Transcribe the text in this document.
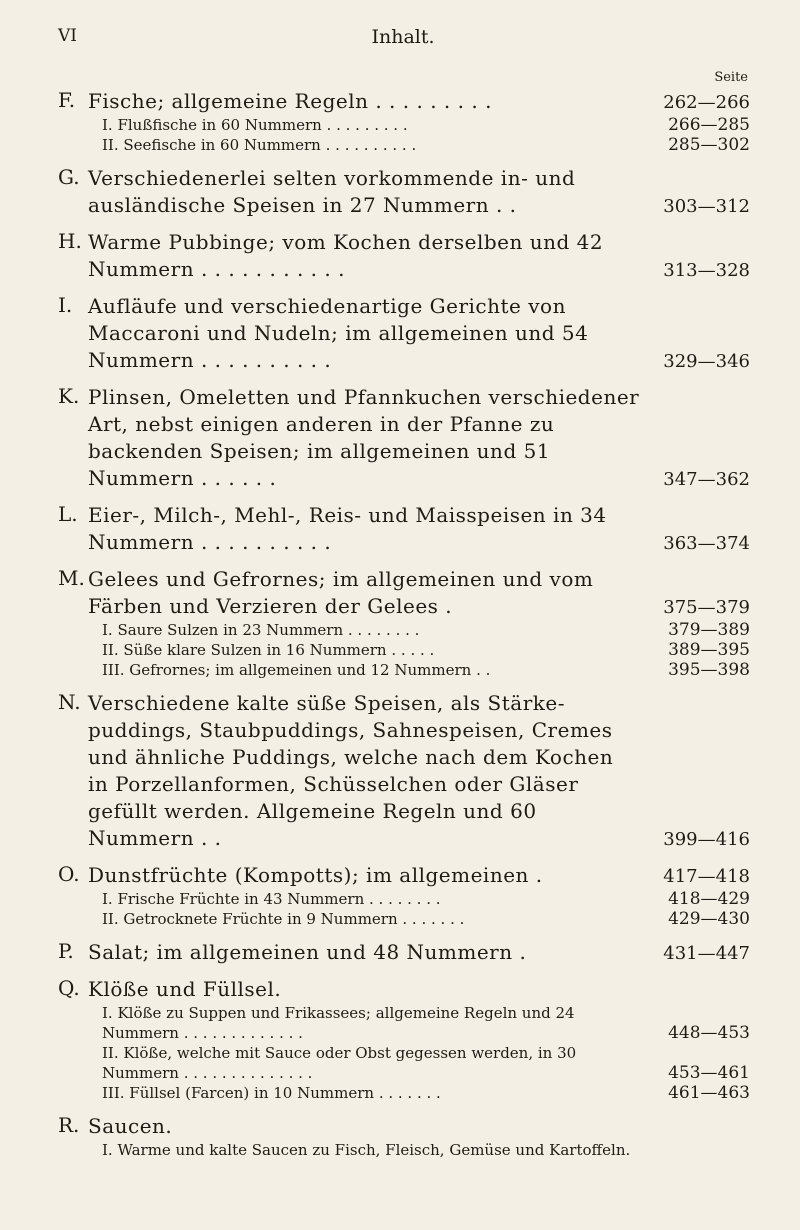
VI	Inhalt.
Seite
F. Fische; allgemeine Regeln . . . . . . . . .	262—266
I. Flußfische in 60 Nummern . . . . . . . . .	266—285
II. Seefische in 60 Nummern . . . . . . . . . .	285—302
G. Verschiedenerlei selten vorkommende in- und ausländische Speisen in 27 Nummern . .	303—312
H. Warme Pubbinge; vom Kochen derselben und 42 Nummern . . . . . . . . . . .	313—328
I. Aufläufe und verschiedenartige Gerichte von Maccaroni und Nudeln; im allgemeinen und 54 Nummern . . . . . . . . . .	329—346
K. Plinsen, Omeletten und Pfannkuchen verschiedener Art, nebst einigen anderen in der Pfanne zu backenden Speisen; im allgemeinen und 51 Nummern . . . . . .	347—362
L. Eier-, Milch-, Mehl-, Reis- und Maisspeisen in 34 Nummern . . . . . . . . . .	363—374
M. Gelees und Gefrornes; im allgemeinen und vom Färben und Verzieren der Gelees .	375—379
I. Saure Sulzen in 23 Nummern . . . . . . . .	379—389
II. Süße klare Sulzen in 16 Nummern . . . . .	389—395
III. Gefrornes; im allgemeinen und 12 Nummern . .	395—398
N. Verschiedene kalte süße Speisen, als Stärke-puddings, Staubpuddings, Sahnespeisen, Cremes und ähnliche Puddings, welche nach dem Kochen in Porzellanformen, Schüsselchen oder Gläser gefüllt werden. Allgemeine Regeln und 60 Nummern . .	399—416
O. Dunstfrüchte (Kompotts); im allgemeinen .	417—418
I. Frische Früchte in 43 Nummern . . . . . . . .	418—429
II. Getrocknete Früchte in 9 Nummern . . . . . . .	429—430
P. Salat; im allgemeinen und 48 Nummern .	431—447
Q. Klöße und Füllsel.
I. Klöße zu Suppen und Frikassees; allgemeine Regeln und 24 Nummern . . . . . . . . . . . . .	448—453
II. Klöße, welche mit Sauce oder Obst gegessen werden, in 30 Nummern . . . . . . . . . . . . . .	453—461
III. Füllsel (Farcen) in 10 Nummern . . . . . . .	461—463
R. Saucen.
I. Warme und kalte Saucen zu Fisch, Fleisch, Gemüse und Kartoffeln.
